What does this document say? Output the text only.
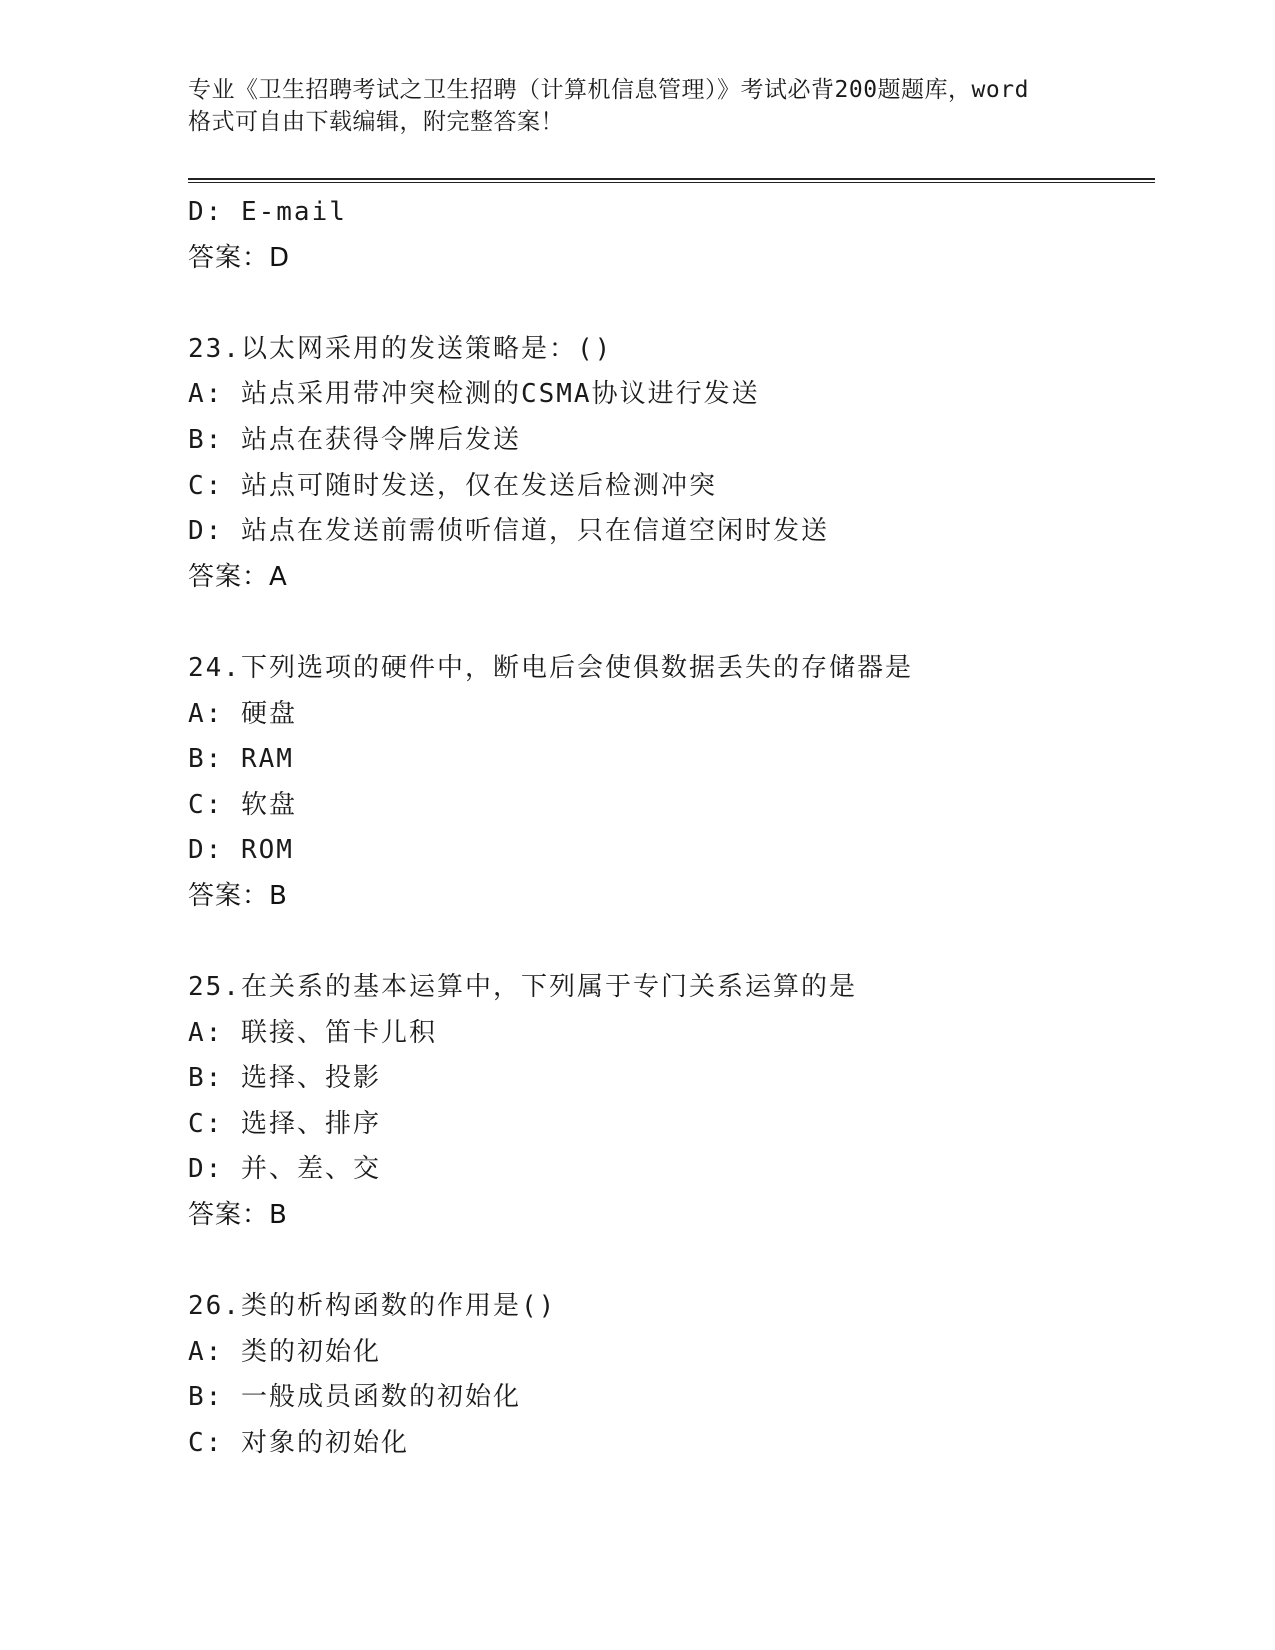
专业《卫生招聘考试之卫生招聘（计算机信息管理）》考试必背200题题库，word
格式可自由下载编辑，附完整答案！
D: E-mail
答案：D
23.以太网采用的发送策略是：()
A: 站点采用带冲突检测的CSMA协议进行发送
B: 站点在获得令牌后发送
C: 站点可随时发送，仅在发送后检测冲突
D: 站点在发送前需侦听信道，只在信道空闲时发送
答案：A
24.下列选项的硬件中，断电后会使俱数据丢失的存储器是
A: 硬盘
B: RAM
C: 软盘
D: ROM
答案：B
25.在关系的基本运算中，下列属于专门关系运算的是
A: 联接、笛卡儿积
B: 选择、投影
C: 选择、排序
D: 并、差、交
答案：B
26.类的析构函数的作用是()
A: 类的初始化
B: 一般成员函数的初始化
C: 对象的初始化
